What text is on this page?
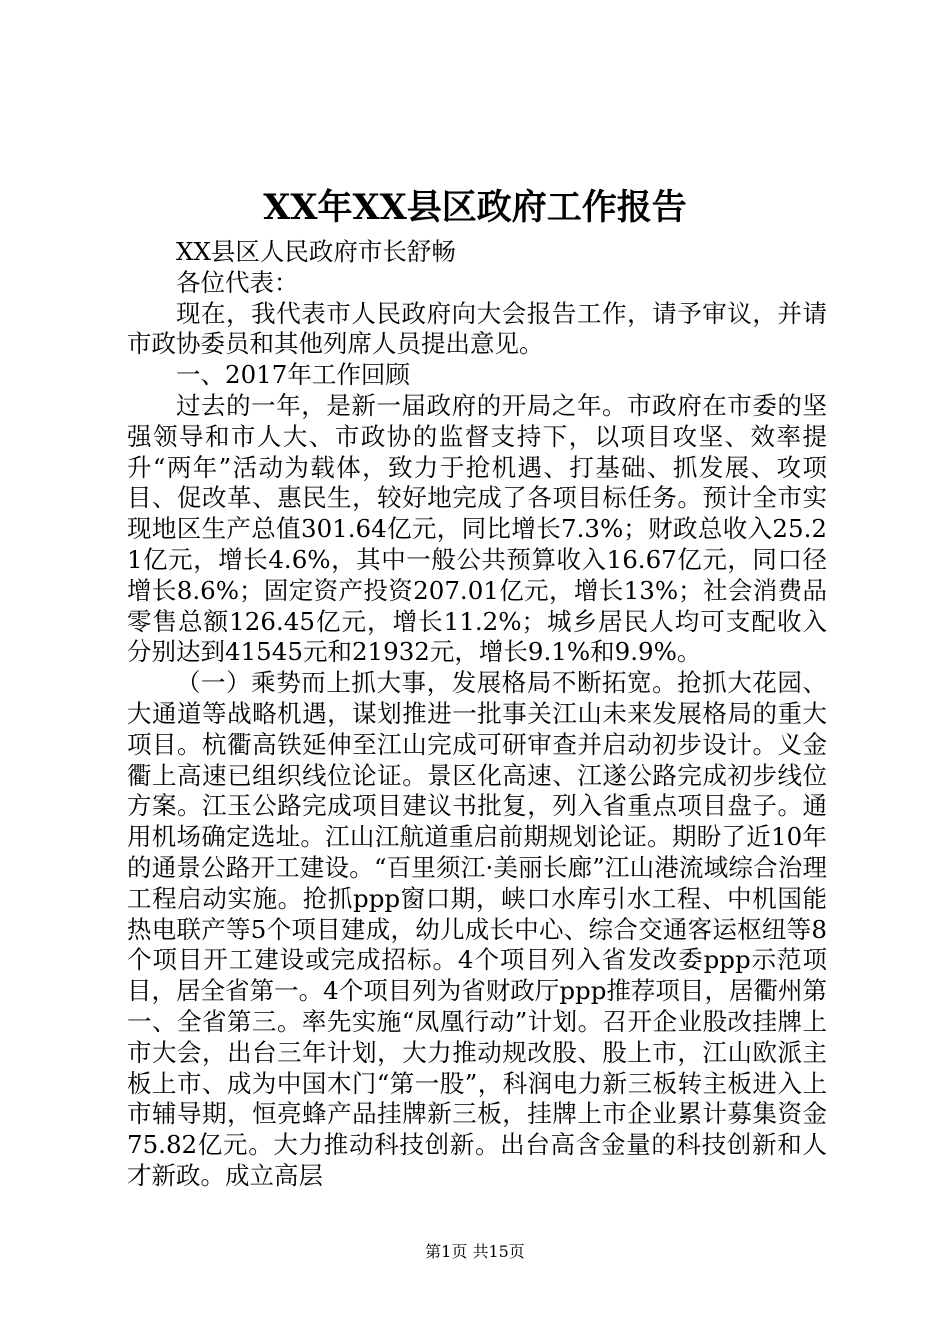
XX年XX县区政府工作报告

XX县区人民政府市长舒畅

各位代表：

现在，我代表市人民政府向大会报告工作，请予审议，并请市政协委员和其他列席人员提出意见。

一、2017年工作回顾

过去的一年，是新一届政府的开局之年。市政府在市委的坚强领导和市人大、市政协的监督支持下，以项目攻坚、效率提升“两年”活动为载体，致力于抢机遇、打基础、抓发展、攻项目、促改革、惠民生，较好地完成了各项目标任务。预计全市实现地区生产总值301.64亿元，同比增长7.3%；财政总收入25.21亿元，增长4.6%，其中一般公共预算收入16.67亿元，同口径增长8.6%；固定资产投资207.01亿元，增长13%；社会消费品零售总额126.45亿元，增长11.2%；城乡居民人均可支配收入分别达到41545元和21932元，增长9.1%和9.9%。

（一）乘势而上抓大事，发展格局不断拓宽。抢抓大花园、大通道等战略机遇，谋划推进一批事关江山未来发展格局的重大项目。杭衢高铁延伸至江山完成可研审查并启动初步设计。义金衢上高速已组织线位论证。景区化高速、江遂公路完成初步线位方案。江玉公路完成项目建议书批复，列入省重点项目盘子。通用机场确定选址。江山江航道重启前期规划论证。期盼了近10年的通景公路开工建设。“百里须江·美丽长廊”江山港流域综合治理工程启动实施。抢抓ppp窗口期，峡口水库引水工程、中机国能热电联产等5个项目建成，幼儿成长中心、综合交通客运枢纽等8个项目开工建设或完成招标。4个项目列入省发改委ppp示范项目，居全省第一。4个项目列为省财政厅ppp推荐项目，居衢州第一、全省第三。率先实施“凤凰行动”计划。召开企业股改挂牌上市大会，出台三年计划，大力推动规改股、股上市，江山欧派主板上市、成为中国木门“第一股”，科润电力新三板转主板进入上市辅导期，恒亮蜂产品挂牌新三板，挂牌上市企业累计募集资金75.82亿元。大力推动科技创新。出台高含金量的科技创新和人才新政。成立高层

第1页 共15页
